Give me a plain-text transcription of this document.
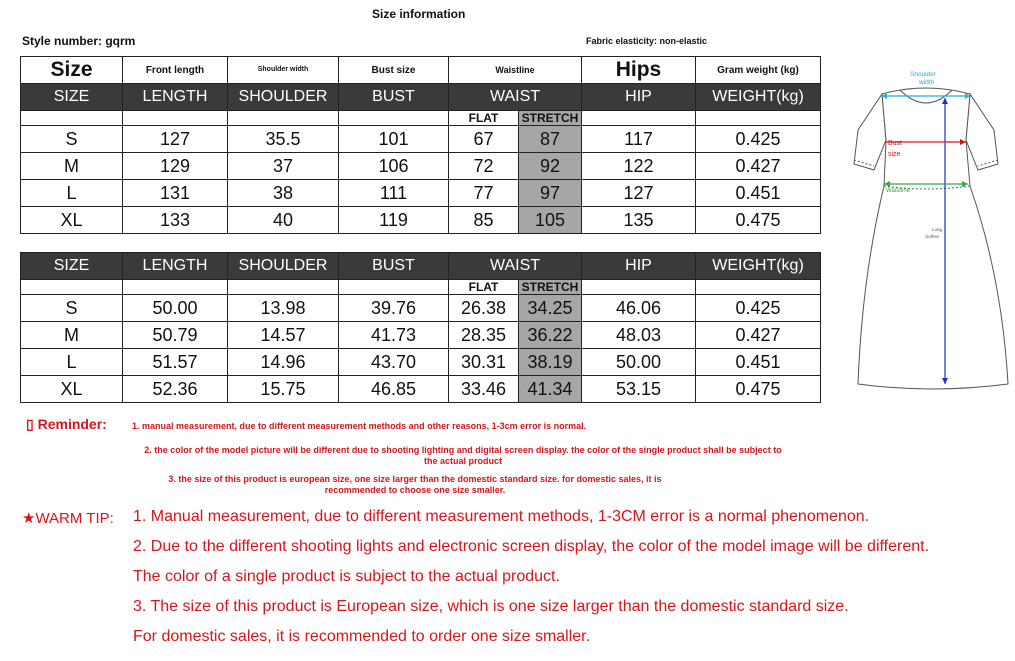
Size information
Style number: gqrm	Fabric elasticity: non-elastic
Size	Front length	Shoulder width	Bust size	Waistline		Hips	Gram weight (kg)
SIZE	LENGTH	SHOULDER	BUST	WAIST		HIP	WEIGHT(kg)
				FLAT	STRETCH		
S	127	35.5	101	67	87	117	0.425
M	129	37	106	72	92	122	0.427
L	131	38	111	77	97	127	0.451
XL	133	40	119	85	105	135	0.475
SIZE	LENGTH	SHOULDER	BUST	WAIST		HIP	WEIGHT(kg)
				FLAT	STRETCH		
S	50.00	13.98	39.76	26.38	34.25	46.06	0.425
M	50.79	14.57	41.73	28.35	36.22	48.03	0.427
L	51.57	14.96	43.70	30.31	38.19	50.00	0.451
XL	52.36	15.75	46.85	33.46	41.34	53.15	0.475
▯ Reminder:	1. manual measurement, due to different measurement methods and other reasons, 1-3cm error is normal.
2. the color of the model picture will be different due to shooting lighting and digital screen display. the color of the single product shall be subject to
the actual product
3. the size of this product is european size, one size larger than the domestic standard size. for domestic sales, it is
recommended to choose one size smaller.
★WARM TIP: 1. Manual measurement, due to different measurement methods, 1-3CM error is a normal phenomenon.
2. Due to the different shooting lights and electronic screen display, the color of the model image will be different.
The color of a single product is subject to the actual product.
3. The size of this product is European size, which is one size larger than the domestic standard size.
For domestic sales, it is recommended to order one size smaller.
Shoulder
width
Bust
size
Waistline
Long
clothes
